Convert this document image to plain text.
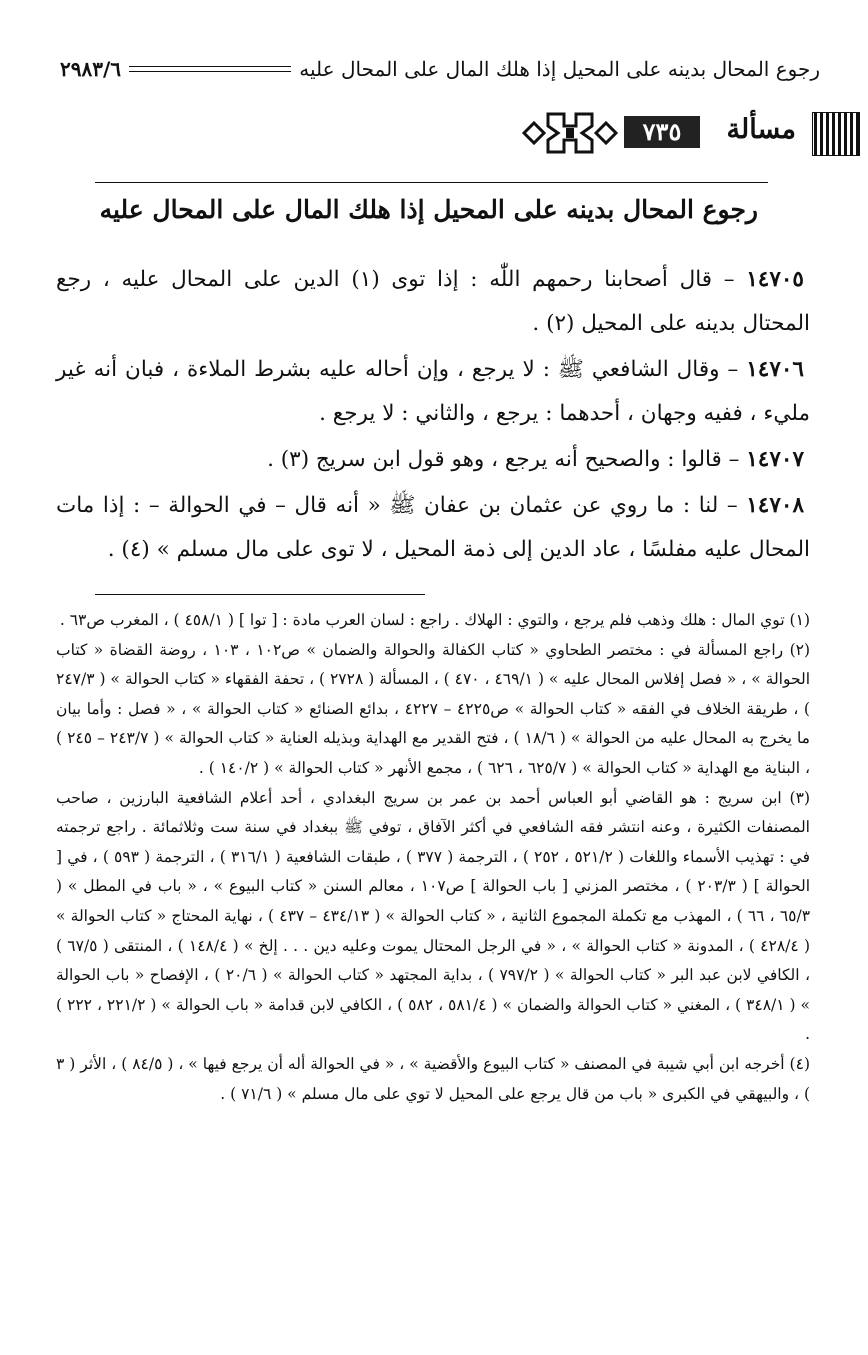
رجوع المحال بدينه على المحيل إذا هلك المال على المحال عليه
٢٩٨٣/٦
مسألة
٧٣٥
رجوع المحال بدينه على المحيل إذا هلك المال على المحال عليه

١٤٧٠٥ – قال أصحابنا رحمهم اللّٰه : إذا توى (١) الدين على المحال عليه ، رجع المحتال بدينه على المحيل (٢) .

١٤٧٠٦ – وقال الشافعي ﷺ : لا يرجع ، وإن أحاله عليه بشرط الملاءة ، فبان أنه غير مليء ، ففيه وجهان ، أحدهما : يرجع ، والثاني : لا يرجع .

١٤٧٠٧ – قالوا : والصحيح أنه يرجع ، وهو قول ابن سريج (٣) .

١٤٧٠٨ – لنا : ما روي عن عثمان بن عفان ﷺ « أنه قال – في الحوالة – : إذا مات المحال عليه مفلسًا ، عاد الدين إلى ذمة المحيل ، لا توى على مال مسلم » (٤) .

(١) توي المال : هلك وذهب فلم يرجع ، والتوي : الهلاك . راجع : لسان العرب مادة : [ توا ] ( ٤٥٨/١ ) ، المغرب ص٦٣ .

(٢) راجع المسألة في : مختصر الطحاوي « كتاب الكفالة والحوالة والضمان » ص١٠٢ ، ١٠٣ ، روضة القضاة « كتاب الحوالة » ، « فصل إفلاس المحال عليه » ( ٤٦٩/١ ، ٤٧٠ ) ، المسألة ( ٢٧٢٨ ) ، تحفة الفقهاء « كتاب الحوالة » ( ٢٤٧/٣ ) ، طريقة الخلاف في الفقه « كتاب الحوالة » ص٤٢٢٥ – ٤٢٢٧ ، بدائع الصنائع « كتاب الحوالة » ، « فصل : وأما بيان ما يخرج به المحال عليه من الحوالة » ( ١٨/٦ ) ، فتح القدير مع الهداية وبذيله العناية « كتاب الحوالة » ( ٢٤٣/٧ – ٢٤٥ ) ، البناية مع الهداية « كتاب الحوالة » ( ٦٢٥/٧ ، ٦٢٦ ) ، مجمع الأنهر « كتاب الحوالة » ( ١٤٠/٢ ) .

(٣) ابن سريج : هو القاضي أبو العباس أحمد بن عمر بن سريج البغدادي ، أحد أعلام الشافعية البارزين ، صاحب المصنفات الكثيرة ، وعنه انتشر فقه الشافعي في أكثر الآفاق ، توفي ﷺ ببغداد في سنة ست وثلاثمائة . راجع ترجمته في : تهذيب الأسماء واللغات ( ٥٢١/٢ ، ٢٥٢ ) ، الترجمة ( ٣٧٧ ) ، طبقات الشافعية ( ٣١٦/١ ) ، الترجمة ( ٥٩٣ ) ، في [ الحوالة ] ( ٢٠٣/٣ ) ، مختصر المزني [ باب الحوالة ] ص١٠٧ ، معالم السنن « كتاب البيوع » ، « باب في المطل » ( ٦٥/٣ ، ٦٦ ) ، المهذب مع تكملة المجموع الثانية ، « كتاب الحوالة » ( ٤٣٤/١٣ – ٤٣٧ ) ، نهاية المحتاج « كتاب الحوالة » ( ٤٢٨/٤ ) ، المدونة « كتاب الحوالة » ، « في الرجل المحتال يموت وعليه دين . . . إلخ » ( ١٤٨/٤ ) ، المنتقى ( ٦٧/٥ ) ، الكافي لابن عبد البر « كتاب الحوالة » ( ٧٩٧/٢ ) ، بداية المجتهد « كتاب الحوالة » ( ٢٠/٦ ) ، الإفصاح « باب الحوالة » ( ٣٤٨/١ ) ، المغني « كتاب الحوالة والضمان » ( ٥٨١/٤ ، ٥٨٢ ) ، الكافي لابن قدامة « باب الحوالة » ( ٢٢١/٢ ، ٢٢٢ ) .

(٤) أخرجه ابن أبي شيبة في المصنف « كتاب البيوع والأقضية » ، « في الحوالة أله أن يرجع فيها » ، ( ٨٤/٥ ) ، الأثر ( ٣ ) ، والبيهقي في الكبرى « باب من قال يرجع على المحيل لا توي على مال مسلم » ( ٧١/٦ ) .
